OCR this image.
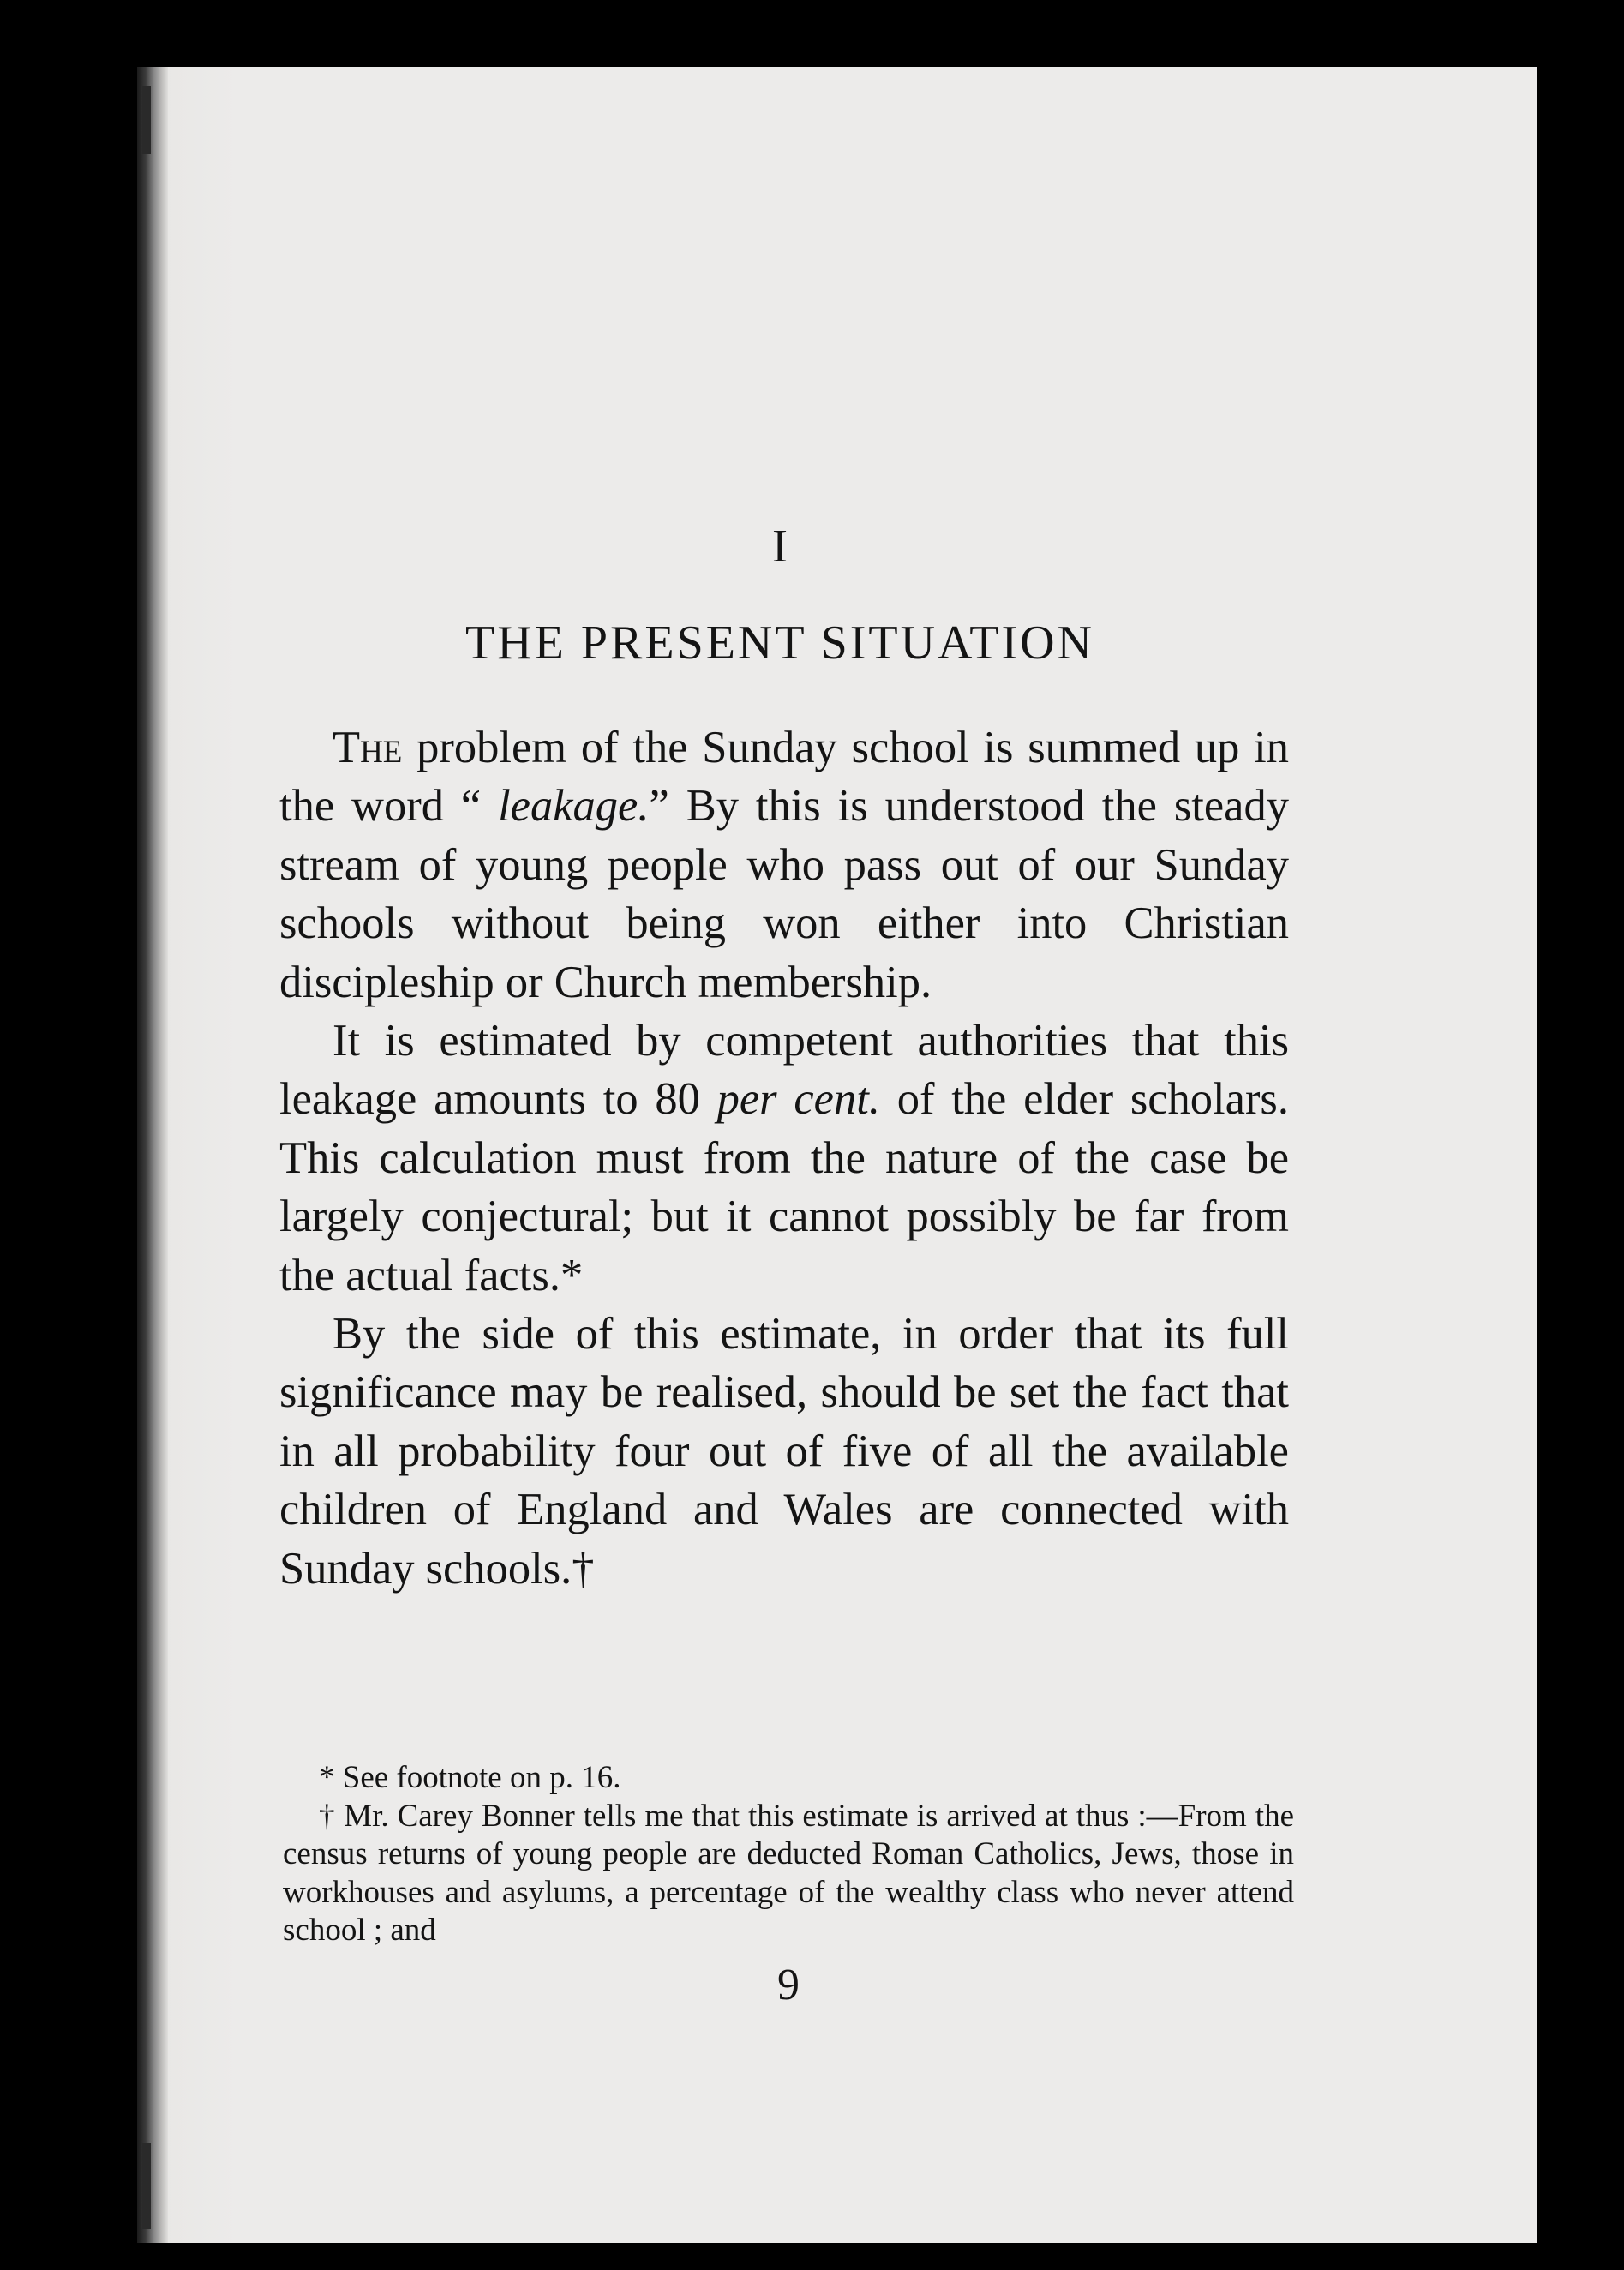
I
THE PRESENT SITUATION

The problem of the Sunday school is summed up in the word “ leakage.” By this is understood the steady stream of young people who pass out of our Sunday schools without being won either into Christian discipleship or Church membership.

It is estimated by competent authorities that this leakage amounts to 80 per cent. of the elder scholars. This calculation must from the nature of the case be largely conjectural; but it cannot possibly be far from the actual facts.*

By the side of this estimate, in order that its full significance may be realised, should be set the fact that in all probability four out of five of all the available children of England and Wales are connected with Sunday schools.†

* See footnote on p. 16.

† Mr. Carey Bonner tells me that this estimate is arrived at thus :—From the census returns of young people are deducted Roman Catholics, Jews, those in workhouses and asylums, a percentage of the wealthy class who never attend school ; and

9
